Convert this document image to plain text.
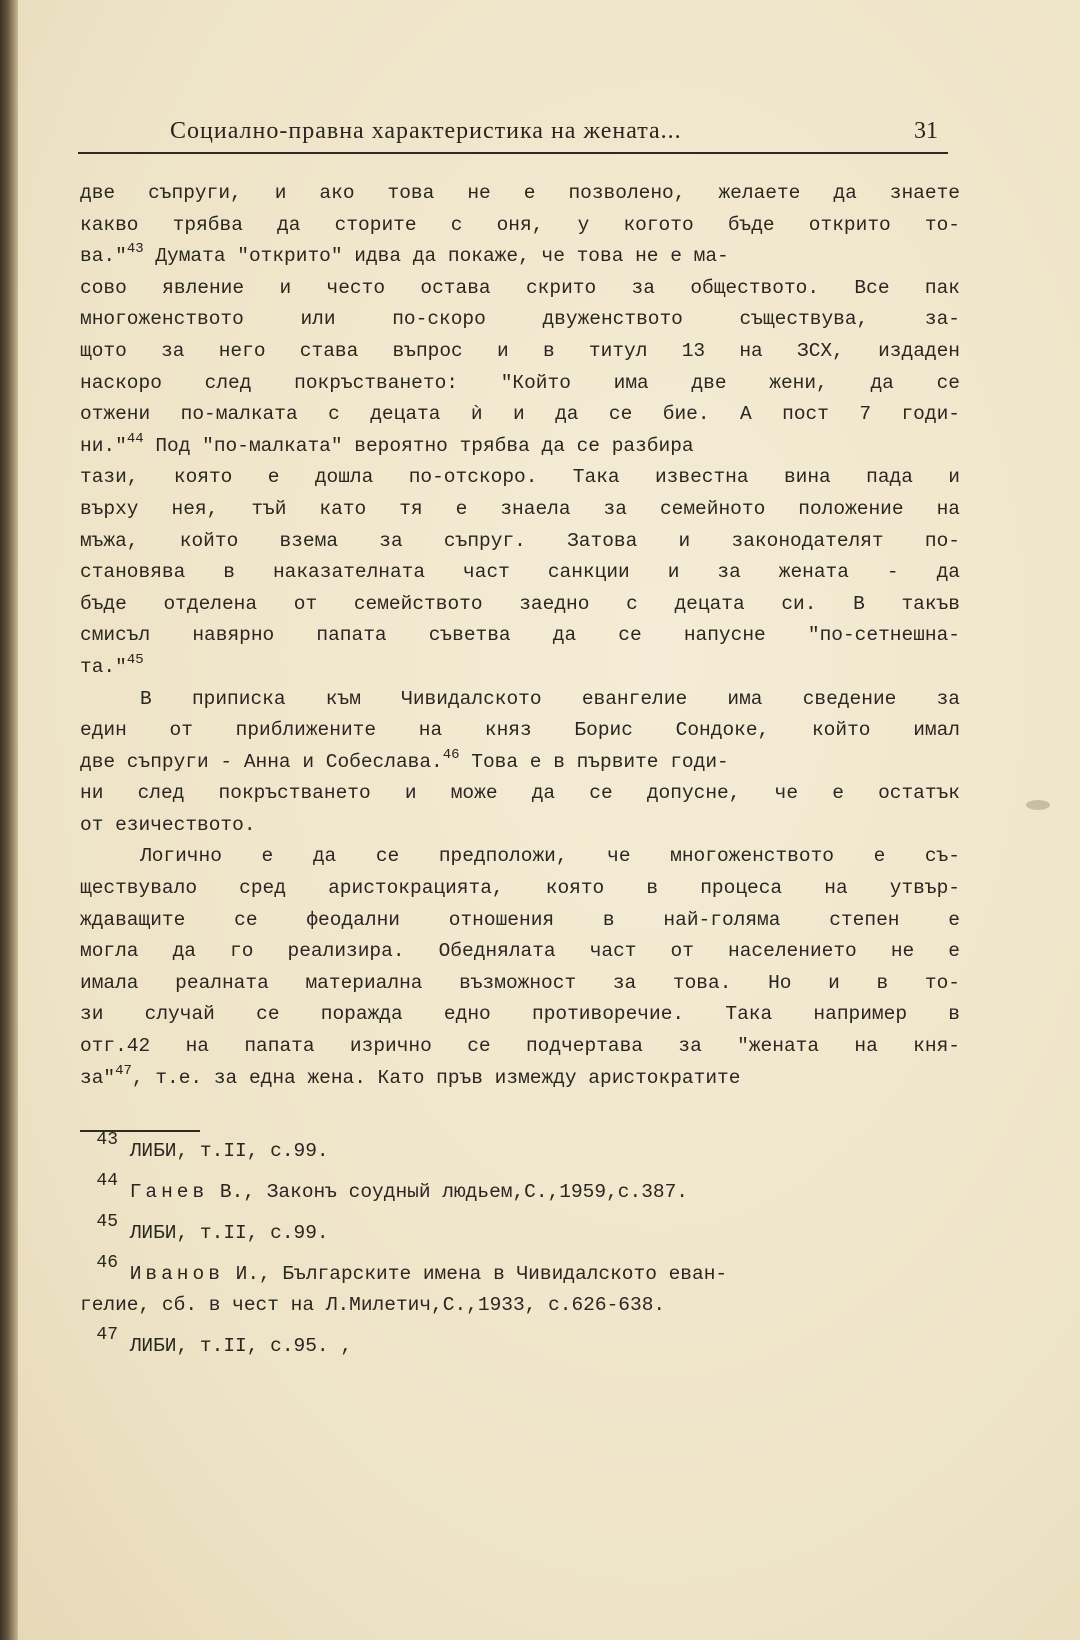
Социално-правна характеристика на жената...	31
две съпруги, и ако това не е позволено, желаете да знаете
какво трябва да сторите с оня, у когото бъде открито то-
ва."$^{43}$ Думата "открито" идва да покаже, че това не е ма-
сово явление и често остава скрито за обществото. Все пак
многоженството или по-скоро двуженството съществува, за-
щото за него става въпрос и в титул 13 на ЗСХ, издаден
наскоро след покръстването: "Който има две жени, да се
отжени по-малката с децата ѝ и да се бие. А пост 7 годи-
ни."$^{44}$ Под "по-малката" вероятно трябва да се разбира
тази, която е дошла по-отскоро. Така известна вина пада и
върху нея, тъй като тя е знаела за семейното положение на
мъжа, който взема за съпруг. Затова и законодателят по-
становява в наказателната част санкции и за жената - да
бъде отделена от семейството заедно с децата си. В такъв
смисъл навярно папата съветва да се напусне "по-сетнешна-
та."$^{45}$
В приписка към Чивидалското евангелие има сведение за
един от приближените на княз Борис Сондоке, който имал
две съпруги - Анна и Собеслава.$^{46}$ Това е в първите годи-
ни след покръстването и може да се допусне, че е остатък
от езичеството.
Логично е да се предположи, че многоженството е съ-
ществувало сред аристокрацията, която в процеса на утвър-
ждаващите се феодални отношения в най-голяма степен е
могла да го реализира. Обеднялата част от населението не е
имала реалната материална възможност за това. Но и в то-
зи случай се поражда едно противоречие. Така например в
отг.42 на папата изрично се подчертава за "жената на кня-
за"$^{47}$, т.е. за една жена. Като пръв измежду аристократите
43 ЛИБИ, т.II, с.99.
44 Ганев В., Законъ соудный людьем,С.,1959,с.387.
45 ЛИБИ, т.II, с.99.
46 Иванов И., Българските имена в Чивидалското еван-
гелие, сб. в чест на Л.Милетич,С.,1933, с.626-638.
47 ЛИБИ, т.II, с.95. ,
